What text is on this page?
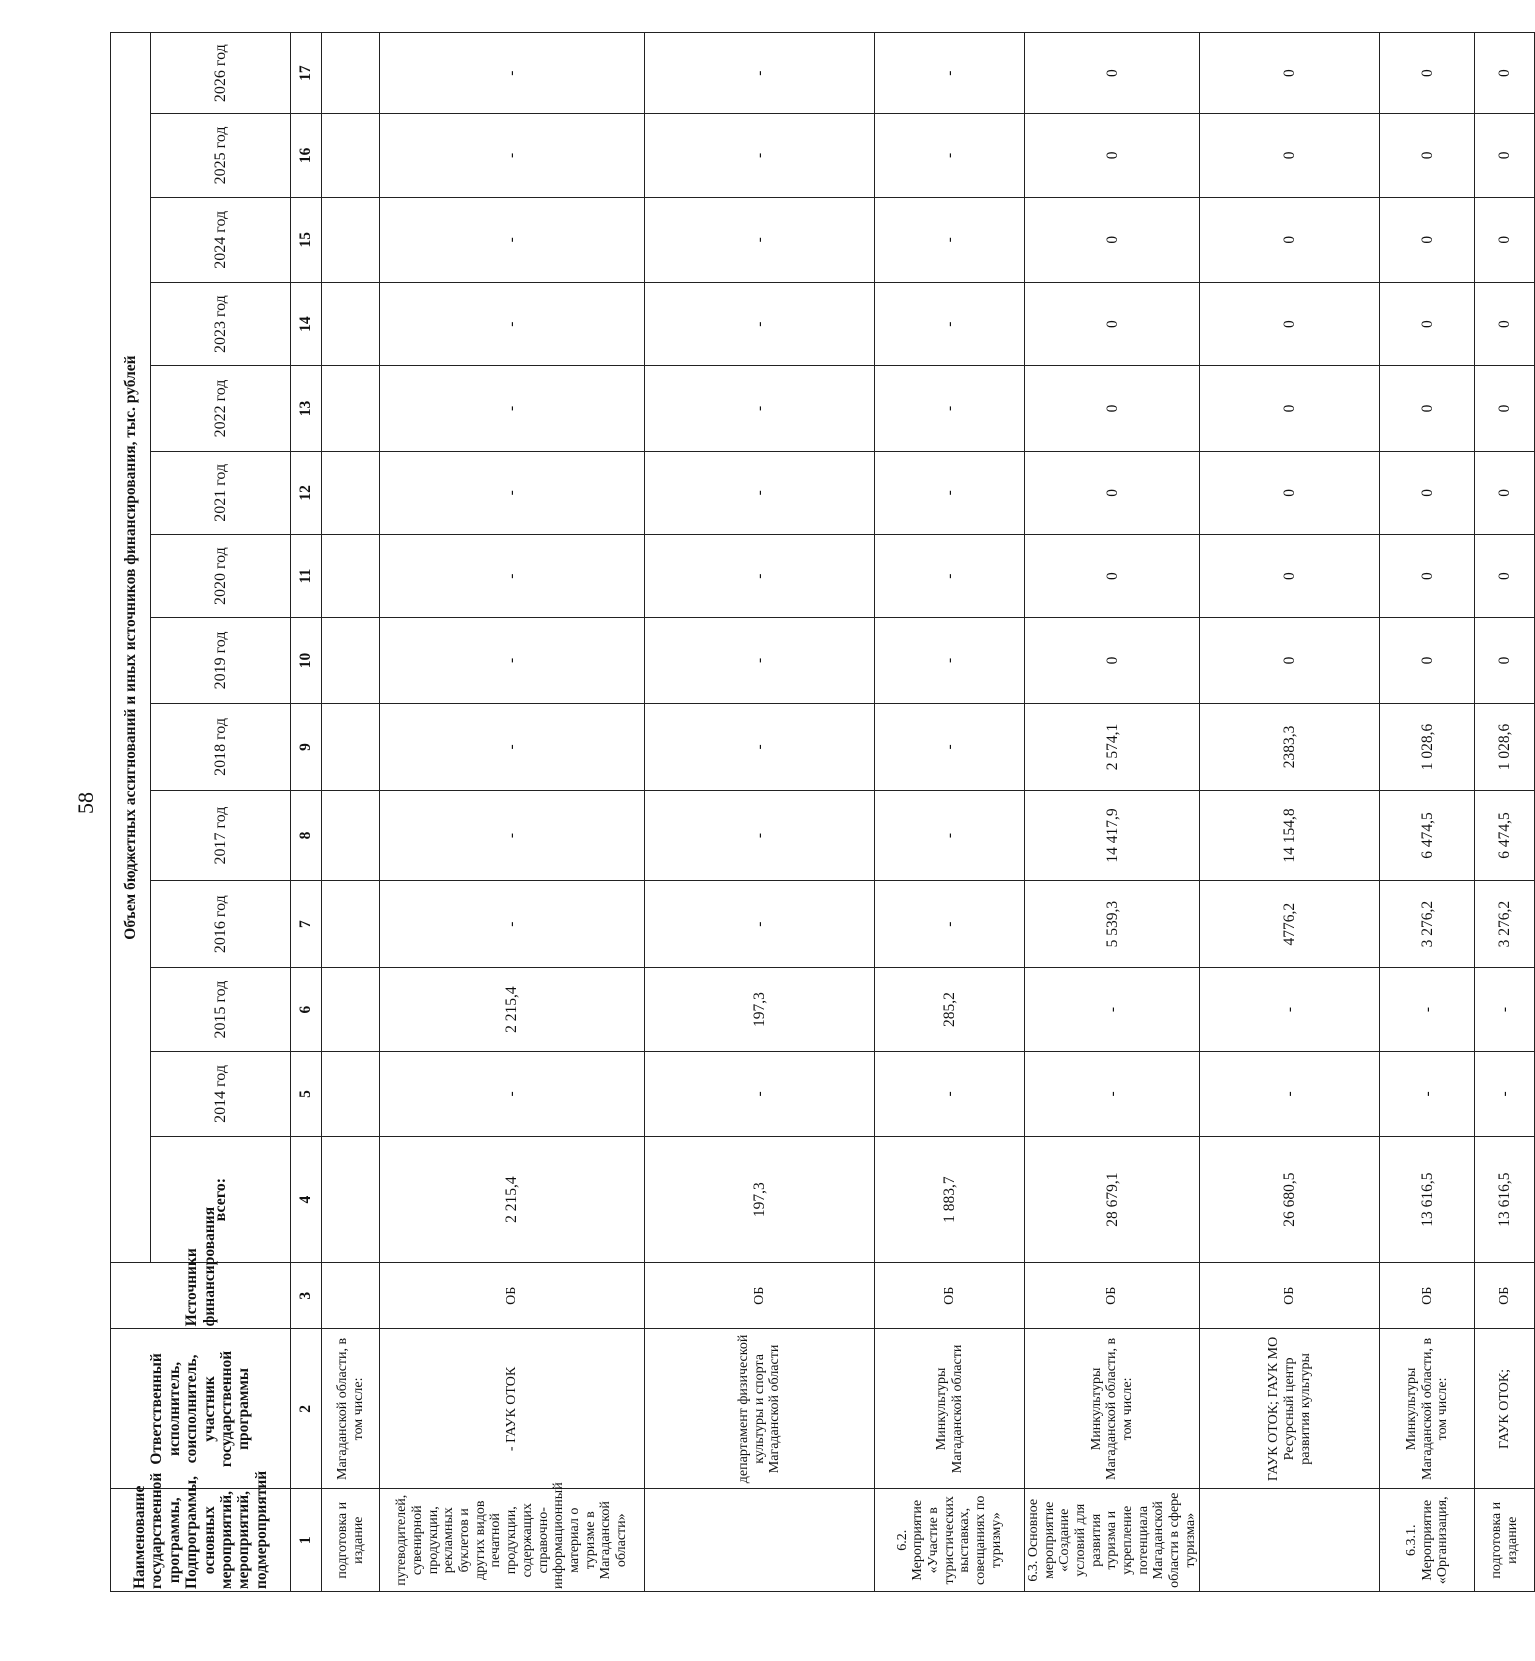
58
Наименование государственной программы, Подпрограммы, основных мероприятий, мероприятий, подмероприятий	Ответственный исполнитель, соисполнитель, участник государственной программы	Источники финансирования	Объем бюджетных ассигнований и иных источников финансирования, тыс. рублей													
			всего:	2014 год	2015 год	2016 год	2017 год	2018 год	2019 год	2020 год	2021 год	2022 год	2023 год	2024 год	2025 год	2026 год
1	2	3	4	5	6	7	8	9	10	11	12	13	14	15	16	17
подготовка и издание	Магаданской области, в том числе:															
путеводителей, сувенирной продукции, рекламных буклетов и других видов печатной продукции, содержащих справочно-информационный материал о туризме в Магаданской области»	- ГАУК ОТОК	ОБ	2 215,4	-	2 215,4	-	-	-	-	-	-	-	-	-	-	-
	департамент физической культуры и спорта Магаданской области	ОБ	197,3	-	197,3	-	-	-	-	-	-	-	-	-	-	-
6.2. Мероприятие «Участие в туристических выставках, совещаниях по туризму»	Минкультуры Магаданской области	ОБ	1 883,7	-	285,2	-	-	-	-	-	-	-	-	-	-	-
6.3. Основное мероприятие «Создание условий для развития туризма и укрепление потенциала Магаданской области в сфере туризма»	Минкультуры Магаданской области, в том числе:	ОБ	28 679,1	-	-	5 539,3	14 417,9	2 574,1	0	0	0	0	0	0	0	0
	ГАУК ОТОК; ГАУК МО Ресурсный центр развития культуры	ОБ	26 680,5	-	-	4776,2	14 154,8	2383,3	0	0	0	0	0	0	0	0
6.3.1. Мероприятие «Организация,	Минкультуры Магаданской области, в том числе:	ОБ	13 616,5	-	-	3 276,2	6 474,5	1 028,6	0	0	0	0	0	0	0	0
подготовка и издание	ГАУК ОТОК;	ОБ	13 616,5	-	-	3 276,2	6 474,5	1 028,6	0	0	0	0	0	0	0	0
